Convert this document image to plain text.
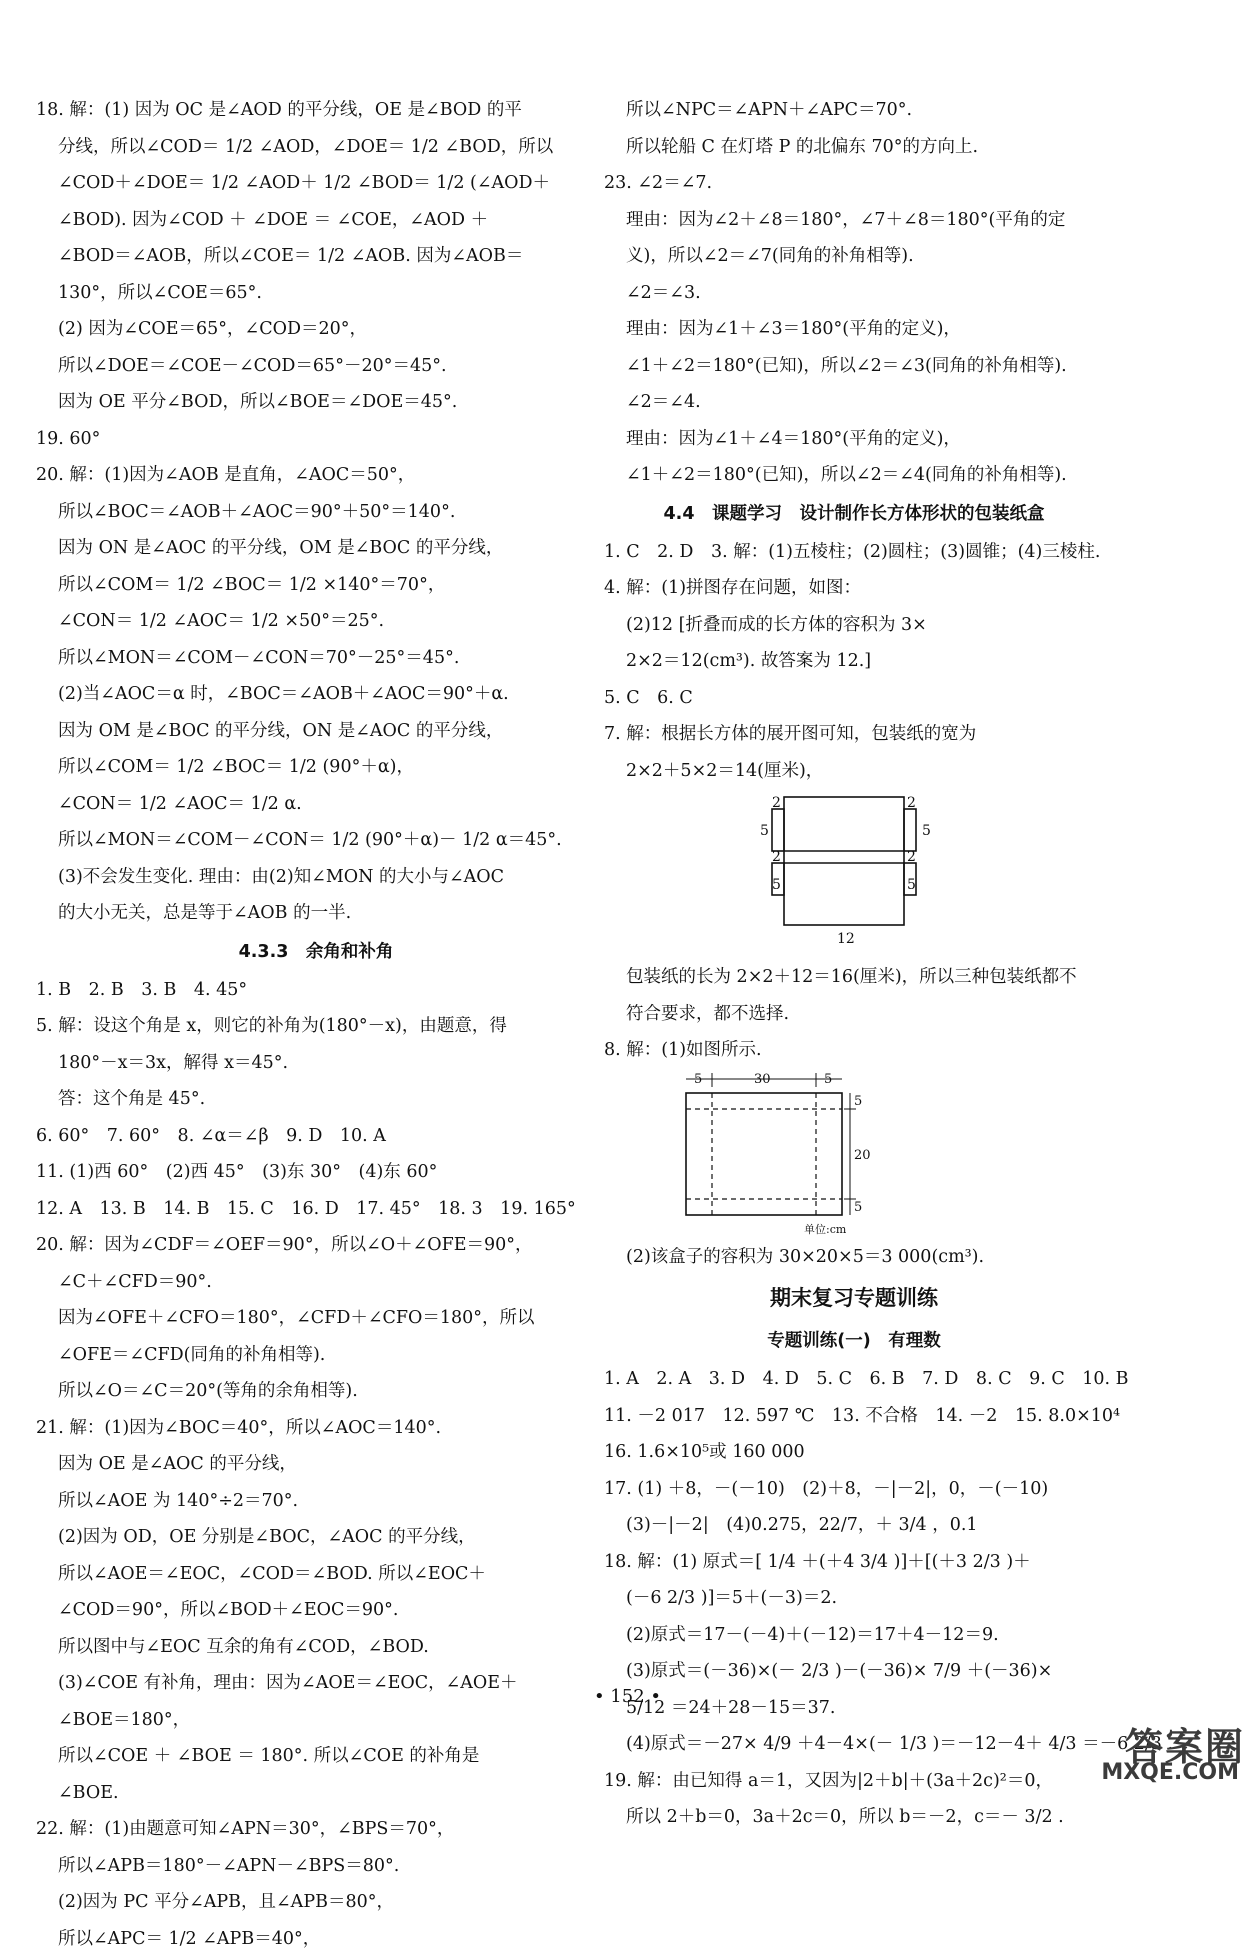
18. 解：(1) 因为 OC 是∠AOD 的平分线，OE 是∠BOD 的平
分线，所以∠COD＝ 1/2 ∠AOD，∠DOE＝ 1/2 ∠BOD，所以
∠COD＋∠DOE＝ 1/2 ∠AOD＋ 1/2 ∠BOD＝ 1/2 (∠AOD＋
∠BOD). 因为∠COD ＋ ∠DOE ＝ ∠COE，∠AOD ＋
∠BOD＝∠AOB，所以∠COE＝ 1/2 ∠AOB. 因为∠AOB＝
130°，所以∠COE＝65°.
(2) 因为∠COE＝65°，∠COD＝20°，
所以∠DOE＝∠COE－∠COD＝65°－20°＝45°.
因为 OE 平分∠BOD，所以∠BOE＝∠DOE＝45°.
19. 60°
20. 解：(1)因为∠AOB 是直角，∠AOC＝50°，
所以∠BOC＝∠AOB＋∠AOC＝90°＋50°＝140°.
因为 ON 是∠AOC 的平分线，OM 是∠BOC 的平分线，
所以∠COM＝ 1/2 ∠BOC＝ 1/2 ×140°＝70°，
∠CON＝ 1/2 ∠AOC＝ 1/2 ×50°＝25°.
所以∠MON＝∠COM－∠CON＝70°－25°＝45°.
(2)当∠AOC＝α 时，∠BOC＝∠AOB＋∠AOC＝90°＋α.
因为 OM 是∠BOC 的平分线，ON 是∠AOC 的平分线，
所以∠COM＝ 1/2 ∠BOC＝ 1/2 (90°＋α)，
∠CON＝ 1/2 ∠AOC＝ 1/2 α.
所以∠MON＝∠COM－∠CON＝ 1/2 (90°＋α)－ 1/2 α＝45°.
(3)不会发生变化. 理由：由(2)知∠MON 的大小与∠AOC
的大小无关，总是等于∠AOB 的一半.
4.3.3　余角和补角
1. B　2. B　3. B　4. 45°
5. 解：设这个角是 x，则它的补角为(180°－x)，由题意，得
180°－x＝3x，解得 x＝45°.
答：这个角是 45°.
6. 60°　7. 60°　8. ∠α＝∠β　9. D　10. A
11. (1)西 60°　(2)西 45°　(3)东 30°　(4)东 60°
12. A　13. B　14. B　15. C　16. D　17. 45°　18. 3　19. 165°
20. 解：因为∠CDF＝∠OEF＝90°，所以∠O＋∠OFE＝90°，
∠C＋∠CFD＝90°.
因为∠OFE＋∠CFO＝180°，∠CFD＋∠CFO＝180°，所以
∠OFE＝∠CFD(同角的补角相等).
所以∠O＝∠C＝20°(等角的余角相等).
21. 解：(1)因为∠BOC＝40°，所以∠AOC＝140°.
因为 OE 是∠AOC 的平分线，
所以∠AOE 为 140°÷2＝70°.
(2)因为 OD，OE 分别是∠BOC，∠AOC 的平分线，
所以∠AOE＝∠EOC，∠COD＝∠BOD. 所以∠EOC＋
∠COD＝90°，所以∠BOD＋∠EOC＝90°.
所以图中与∠EOC 互余的角有∠COD，∠BOD.
(3)∠COE 有补角，理由：因为∠AOE＝∠EOC，∠AOE＋
∠BOE＝180°，
所以∠COE ＋ ∠BOE ＝ 180°. 所以∠COE 的补角是
∠BOE.
22. 解：(1)由题意可知∠APN＝30°，∠BPS＝70°，
所以∠APB＝180°－∠APN－∠BPS＝80°.
(2)因为 PC 平分∠APB，且∠APB＝80°，
所以∠APC＝ 1/2 ∠APB＝40°，
所以∠NPC＝∠APN＋∠APC＝70°.
所以轮船 C 在灯塔 P 的北偏东 70°的方向上.
23. ∠2＝∠7.
理由：因为∠2＋∠8＝180°，∠7＋∠8＝180°(平角的定
义)，所以∠2＝∠7(同角的补角相等).
∠2＝∠3.
理由：因为∠1＋∠3＝180°(平角的定义)，
∠1＋∠2＝180°(已知)，所以∠2＝∠3(同角的补角相等).
∠2＝∠4.
理由：因为∠1＋∠4＝180°(平角的定义)，
∠1＋∠2＝180°(已知)，所以∠2＝∠4(同角的补角相等).
4.4　课题学习　设计制作长方体形状的包装纸盒
1. C　2. D　3. 解：(1)五棱柱；(2)圆柱；(3)圆锥；(4)三棱柱.
4. 解：(1)拼图存在问题，如图：
(2)12 [折叠而成的长方体的容积为 3×
2×2＝12(cm³). 故答案为 12.]
5. C　6. C
7. 解：根据长方体的展开图可知，包装纸的宽为
2×2＋5×2＝14(厘米)，
2	2
5	5
2	2
5	5
12
包装纸的长为 2×2＋12＝16(厘米)，所以三种包装纸都不
符合要求，都不选择.
8. 解：(1)如图所示.
5	30	5
5
20
5
单位:cm
(2)该盒子的容积为 30×20×5＝3 000(cm³).
期末复习专题训练
专题训练(一)　有理数
1. A　2. A　3. D　4. D　5. C　6. B　7. D　8. C　9. C　10. B
11. －2 017　12. 597 ℃　13. 不合格　14. －2　15. 8.0×10⁴
16. 1.6×10⁵或 160 000
17. (1) ＋8，－(－10)　(2)＋8，－|－2|，0，－(－10)
(3)－|－2|　(4)0.275，22/7，＋ 3/4 ，0.1
18. 解：(1) 原式＝[ 1/4 ＋(＋4 3/4 )]＋[(＋3 2/3 )＋
(－6 2/3 )]＝5＋(－3)＝2.
(2)原式＝17－(－4)＋(－12)＝17＋4－12＝9.
(3)原式＝(－36)×(－ 2/3 )－(－36)× 7/9 ＋(－36)×
5/12 ＝24＋28－15＝37.
(4)原式＝－27× 4/9 ＋4－4×(－ 1/3 )＝－12－4＋ 4/3 ＝－6 2/3 .
19. 解：由已知得 a＝1，又因为|2＋b|＋(3a＋2c)²＝0，
所以 2＋b＝0，3a＋2c＝0，所以 b＝－2，c＝－ 3/2 .
• 152 •
答案圈
MXQE.COM
